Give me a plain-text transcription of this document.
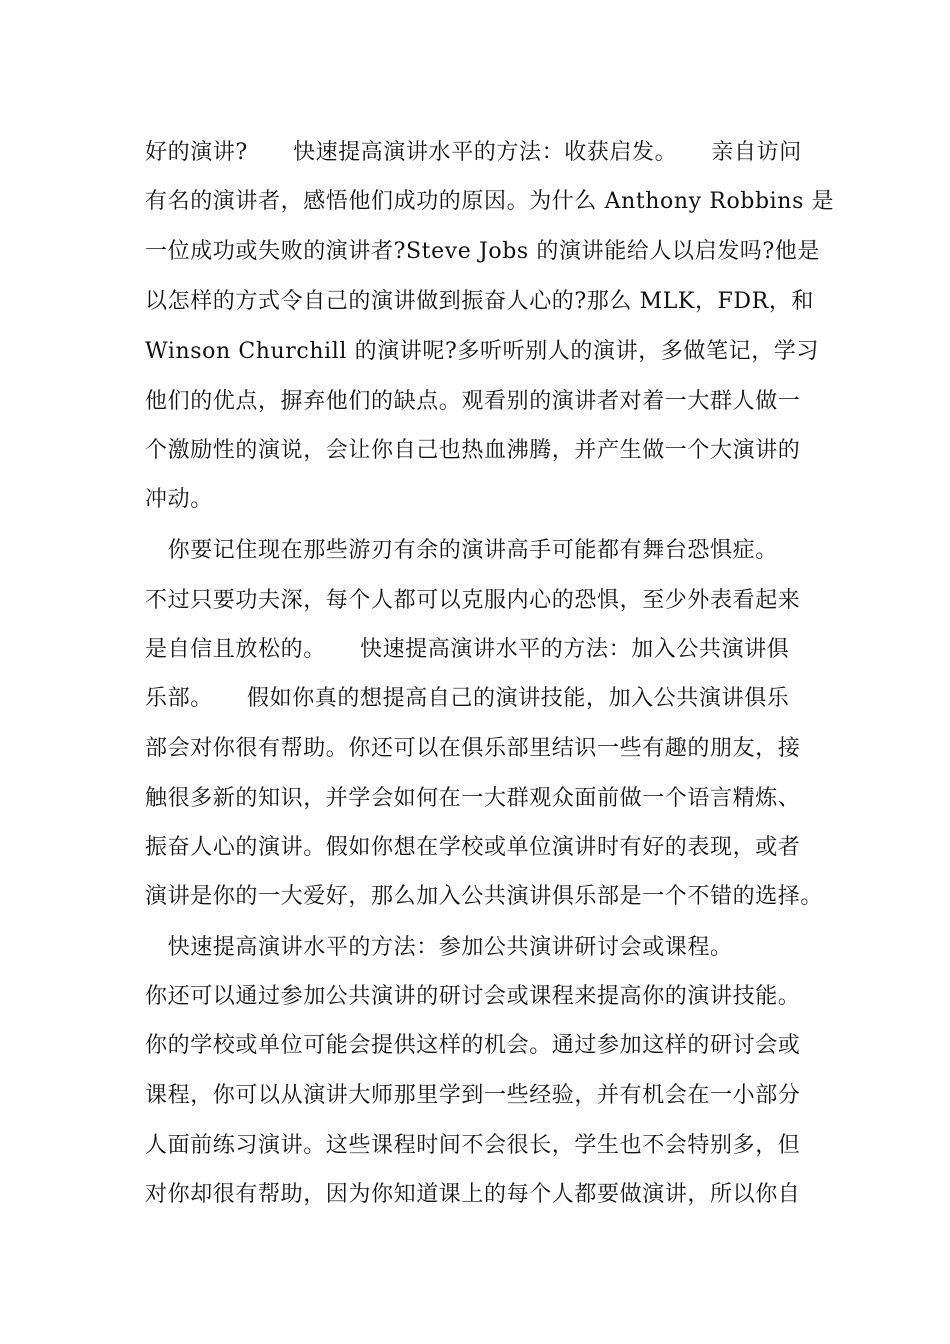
好的演讲?　　快速提高演讲水平的方法：收获启发。　　亲自访问
有名的演讲者，感悟他们成功的原因。为什么 Anthony Robbins 是
一位成功或失败的演讲者?Steve Jobs 的演讲能给人以启发吗?他是
以怎样的方式令自己的演讲做到振奋人心的?那么 MLK，FDR，和
Winson Churchill 的演讲呢?多听听别人的演讲，多做笔记，学习
他们的优点，摒弃他们的缺点。观看别的演讲者对着一大群人做一
个激励性的演说，会让你自己也热血沸腾，并产生做一个大演讲的
冲动。
　你要记住现在那些游刃有余的演讲高手可能都有舞台恐惧症。
不过只要功夫深，每个人都可以克服内心的恐惧，至少外表看起来
是自信且放松的。　　快速提高演讲水平的方法：加入公共演讲俱
乐部。　　假如你真的想提高自己的演讲技能，加入公共演讲俱乐
部会对你很有帮助。你还可以在俱乐部里结识一些有趣的朋友，接
触很多新的知识，并学会如何在一大群观众面前做一个语言精炼、
振奋人心的演讲。假如你想在学校或单位演讲时有好的表现，或者
演讲是你的一大爱好，那么加入公共演讲俱乐部是一个不错的选择。
　快速提高演讲水平的方法：参加公共演讲研讨会或课程。
你还可以通过参加公共演讲的研讨会或课程来提高你的演讲技能。
你的学校或单位可能会提供这样的机会。通过参加这样的研讨会或
课程，你可以从演讲大师那里学到一些经验，并有机会在一小部分
人面前练习演讲。这些课程时间不会很长，学生也不会特别多，但
对你却很有帮助，因为你知道课上的每个人都要做演讲，所以你自
